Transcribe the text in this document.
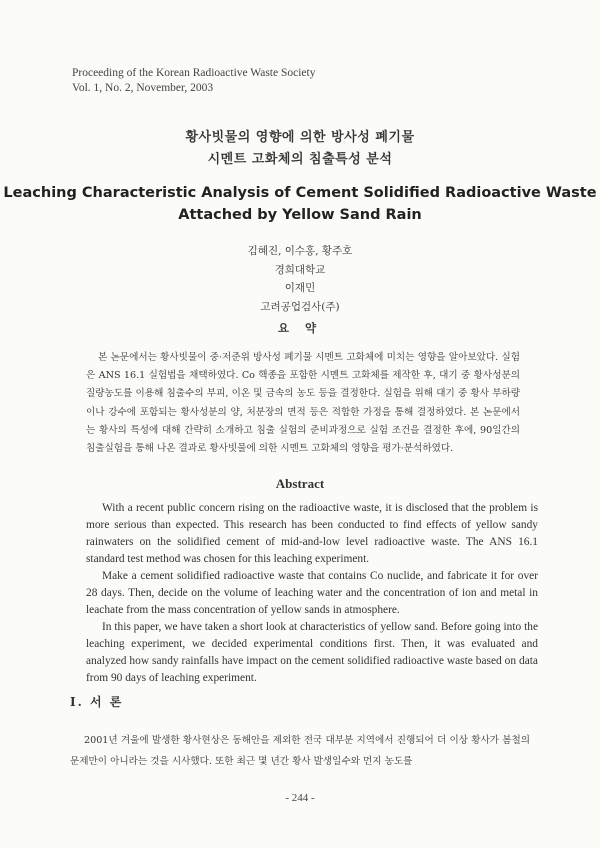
Proceeding of the Korean Radioactive Waste Society
Vol. 1, No. 2, November, 2003
황사빗물의 영향에 의한 방사성 폐기물
시멘트 고화체의 침출특성 분석
Leaching Characteristic Analysis of Cement Solidified Radioactive Waste
Attached by Yellow Sand Rain
김혜진, 이수홍, 황주호
경희대학교
이재민
고려공업검사(주)
요 약

본 논문에서는 황사빗물이 중·저준위 방사성 폐기물 시멘트 고화체에 미치는 영향을 알아보았다. 실험은 ANS 16.1 실험법을 채택하였다. Co 핵종을 포함한 시멘트 고화체를 제작한 후, 대기 중 황사성분의 질량농도를 이용해 침출수의 부피, 이온 및 금속의 농도 등을 결정한다. 실험을 위해 대기 중 황사 부하량이나 강수에 포함되는 황사성분의 양, 처분장의 면적 등은 적합한 가정을 통해 결정하였다. 본 논문에서는 황사의 특성에 대해 간략히 소개하고 침출 실험의 준비과정으로 실험 조건을 결정한 후에, 90일간의 침출실험을 통해 나온 결과로 황사빗물에 의한 시멘트 고화체의 영향을 평가·분석하였다.

Abstract

With a recent public concern rising on the radioactive waste, it is disclosed that the problem is more serious than expected. This research has been conducted to find effects of yellow sandy rainwaters on the solidified cement of mid-and-low level radioactive waste. The ANS 16.1 standard test method was chosen for this leaching experiment.

Make a cement solidified radioactive waste that contains Co nuclide, and fabricate it for over 28 days. Then, decide on the volume of leaching water and the concentration of ion and metal in leachate from the mass concentration of yellow sands in atmosphere.

In this paper, we have taken a short look at characteristics of yellow sand. Before going into the leaching experiment, we decided experimental conditions first. Then, it was evaluated and analyzed how sandy rainfalls have impact on the cement solidified radioactive waste based on data from 90 days of leaching experiment.

I. 서 론

2001년 겨울에 발생한 황사현상은 동해안을 제외한 전국 대부분 지역에서 진행되어 더 이상 황사가 봄철의 문제만이 아니라는 것을 시사했다. 또한 최근 몇 년간 황사 발생일수와 먼지 농도를

- 244 -
